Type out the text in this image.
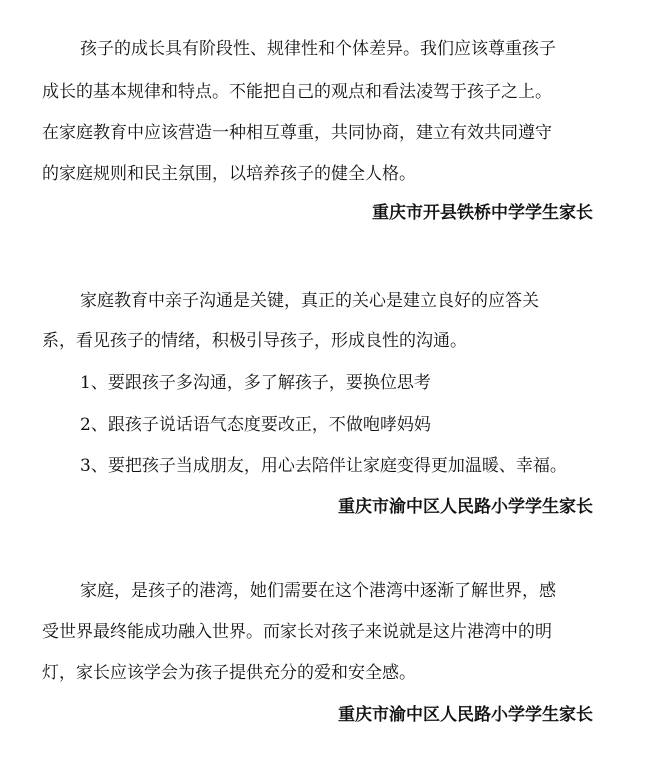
孩子的成长具有阶段性、规律性和个体差异。我们应该尊重孩子
成长的基本规律和特点。不能把自己的观点和看法凌驾于孩子之上。
在家庭教育中应该营造一种相互尊重，共同协商，建立有效共同遵守
的家庭规则和民主氛围，以培养孩子的健全人格。
重庆市开县铁桥中学学生家长
家庭教育中亲子沟通是关键，真正的关心是建立良好的应答关
系，看见孩子的情绪，积极引导孩子，形成良性的沟通。
1、要跟孩子多沟通，多了解孩子，要换位思考
2、跟孩子说话语气态度要改正，不做咆哮妈妈
3、要把孩子当成朋友，用心去陪伴让家庭变得更加温暖、幸福。
重庆市渝中区人民路小学学生家长
家庭，是孩子的港湾，她们需要在这个港湾中逐渐了解世界，感
受世界最终能成功融入世界。而家长对孩子来说就是这片港湾中的明
灯，家长应该学会为孩子提供充分的爱和安全感。
重庆市渝中区人民路小学学生家长
